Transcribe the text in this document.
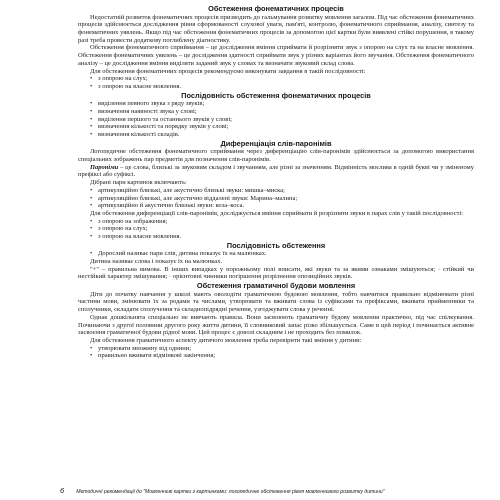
Обстеження фонематичних процесів

Недостатній розвиток фонематичних процесів призводить до гальмування розвитку мовлення загалом. Під час обстеження фонематичних процесів здійснюється дослідження рівня сформованості слухової уваги, пам'яті, контролю, фонематичного сприймання, аналізу, синтезу та фонематичних уявлень. Якщо під час обстеження фонематичних процесів за допомогою цієї картки були виявлені стійкі порушення, в такому разі треба провести додаткову поглиблену діагностику.

Обстеження фонематичного сприймання – це дослідження вміння сприймати й розрізняти звук з опорою на слух та на власне мовлення. Обстеження фонематичних уявлень – це дослідження здатності сприймати звук у різних варіантах його звучання. Обстеження фонематичного аналізу – це дослідження вміння виділяти заданий звук у словах та визначати звуковий склад слова.

Для обстеження фонематичних процесів рекомендуємо виконувати завдання в такій послідовності:

• з опорою на слух;
• з опорою на власне мовлення.
Послідовність обстеження фонематичних процесів
• виділення певного звука з ряду звуків;
• визначення наявності звука у слові;
• виділення першого та останнього звуків у слові;
• визначення кількості та порядку звуків у слові;
• визначення кількості складів.
Диференціація слів-паронімів

Логопедичне обстеження фонематичного сприймання через диференціацію слів-паронімів здійснюється за допомогою використання спеціальних зображень пар предметів для позначення слів-паронімів.

Пароніми – це слова, близькі за звуковим складом і звучанням, але різні за значенням. Відмінність моєлива в одній букві чи у зміненому префіксі або суфіксі.

Дібрані пари картинок включають:

• артикуляційно близькі, але акустично близькі звуки: мишка–миска;
• артикуляційно близькі, але акустично віддалені звуки: Марина–малина;
• артикуляційно й акустично близькі звуки: коза–коса.

Для обстеження диференціації слів-паронімів, досліджується вміння сприймати й розрізняти звуки в парах слів у такій послідовності:

• з опорою на зображення;
• з опорою на слух;
• з опорою на власне мовлення.
Послідовність обстеження
• Дорослий називає пари слів, дитина показує їх на малюнках.

Дитина називає слова і показує їх на малюнках.

"+" – правильна вимова. В інших випадках у порожньому полі вписати, які звуки та за якими ознаками змішуються; · стійкий чи нестійкий характер змішування; · орієнтовні чинники погіршення розрізнення опозиційних звуків.

Обстеження граматичної будови мовлення

Діти до початку навчання у школі мають оволодіти граматичною будовою мовлення, тобто навчитися правильно відмінювати різні частини мови, змінювати їх за родами та числами, утворювати та вживати слова із суфіксами та префіксами, вживати прийменники та сполучники, складати сполучення та складнопідрядні речення, узгоджувати слова у реченні.

Однак дошкільнята спеціально не вивчають правила. Вони засвоюють граматичну будову мовлення практично, під час спілкування. Починаючи з другої половини другого року життя дитини, її словниковий запас різко збільшується. Саме в цей період і починається активне засвоєння граматичної будови рідної мови. Цей процес є доволі складним і не проходить без помилок.

Для обстеження граматичного аспекту дитячого мовлення треба перевірити такі вміння у дитини:

• утворювати множину від однини;
• правильно вживати відмінкові закінчення;
6 Методичні рекомендації до "Мовленнєві картки з картинками: логопедичне обстеження рівня мовленнєвого розвитку дитини"
